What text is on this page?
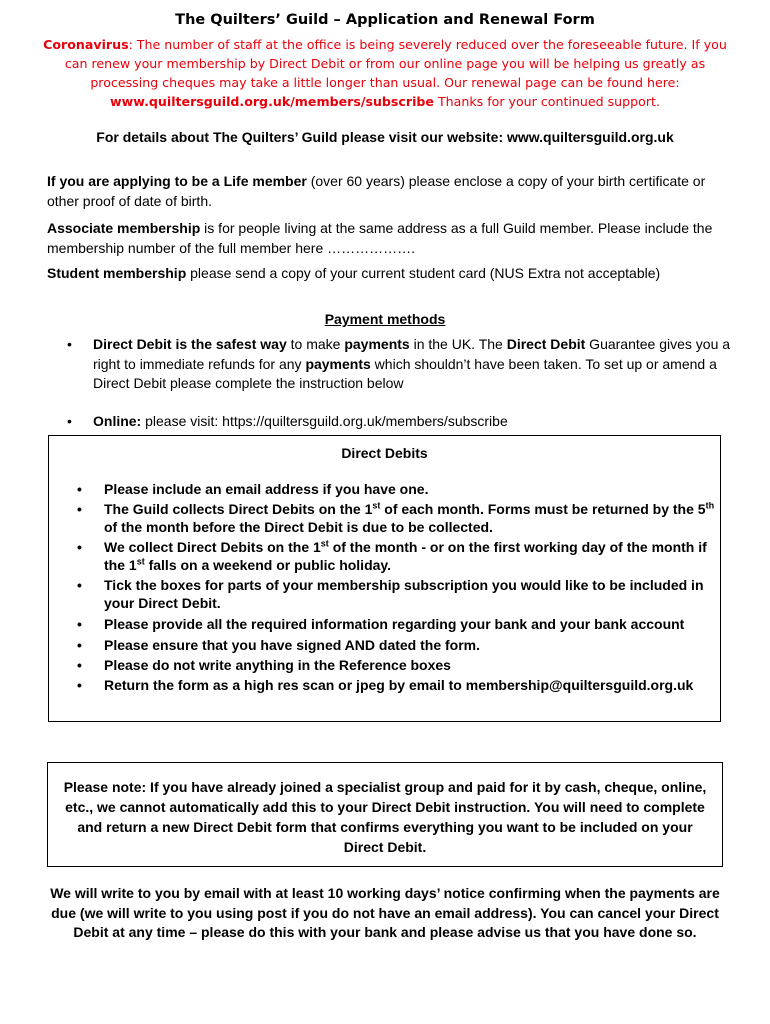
The Quilters’ Guild – Application and Renewal Form
Coronavirus: The number of staff at the office is being severely reduced over the foreseeable future. If you can renew your membership by Direct Debit or from our online page you will be helping us greatly as processing cheques may take a little longer than usual. Our renewal page can be found here: www.quiltersguild.org.uk/members/subscribe Thanks for your continued support.
For details about The Quilters’ Guild please visit our website: www.quiltersguild.org.uk
If you are applying to be a Life member (over 60 years) please enclose a copy of your birth certificate or other proof of date of birth.
Associate membership is for people living at the same address as a full Guild member. Please include the membership number of the full member here ……………….
Student membership please send a copy of your current student card (NUS Extra not acceptable)
Payment methods
• Direct Debit is the safest way to make payments in the UK. The Direct Debit Guarantee gives you a right to immediate refunds for any payments which shouldn’t have been taken. To set up or amend a Direct Debit please complete the instruction below
• Online: please visit: https://quiltersguild.org.uk/members/subscribe
Direct Debits
• Please include an email address if you have one.
• The Guild collects Direct Debits on the 1st of each month. Forms must be returned by the 5th of the month before the Direct Debit is due to be collected.
• We collect Direct Debits on the 1st of the month - or on the first working day of the month if the 1st falls on a weekend or public holiday.
• Tick the boxes for parts of your membership subscription you would like to be included in your Direct Debit.
• Please provide all the required information regarding your bank and your bank account
• Please ensure that you have signed AND dated the form.
• Please do not write anything in the Reference boxes
• Return the form as a high res scan or jpeg by email to membership@quiltersguild.org.uk
Please note: If you have already joined a specialist group and paid for it by cash, cheque, online, etc., we cannot automatically add this to your Direct Debit instruction. You will need to complete and return a new Direct Debit form that confirms everything you want to be included on your Direct Debit.
We will write to you by email with at least 10 working days’ notice confirming when the payments are due (we will write to you using post if you do not have an email address). You can cancel your Direct Debit at any time – please do this with your bank and please advise us that you have done so.
